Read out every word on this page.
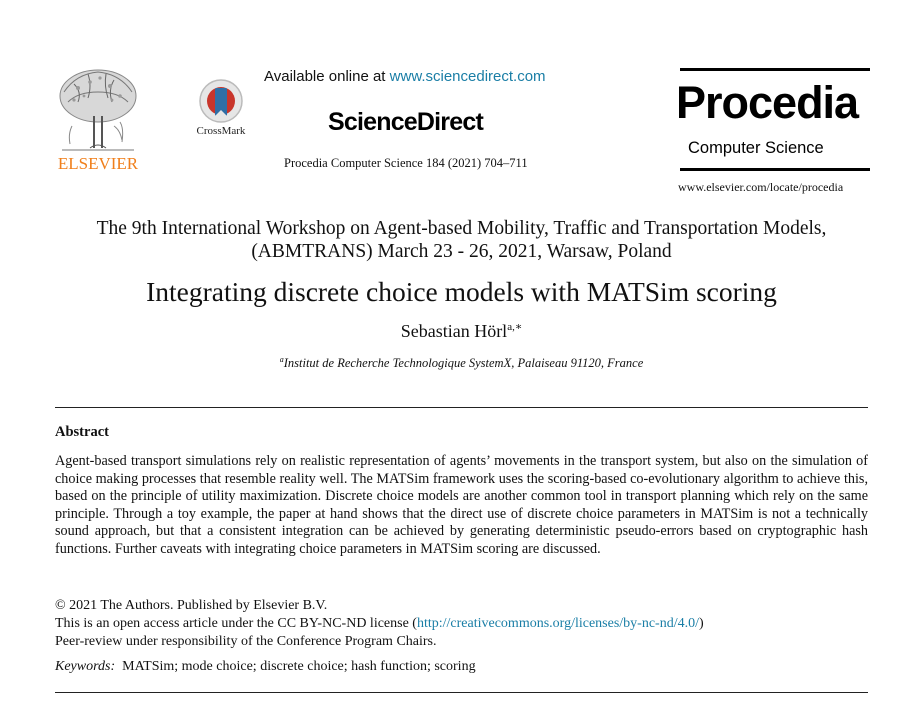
ELSEVIER
CrossMark
Available online at www.sciencedirect.com
ScienceDirect
Procedia Computer Science 184 (2021) 704–711
Procedia
Computer Science
www.elsevier.com/locate/procedia
The 9th International Workshop on Agent-based Mobility, Traffic and Transportation Models,
(ABMTRANS) March 23 - 26, 2021, Warsaw, Poland
Integrating discrete choice models with MATSim scoring
Sebastian Hörl$^{a,∗}$
$^a$Institut de Recherche Technologique SystemX, Palaiseau 91120, France
Abstract
Agent-based transport simulations rely on realistic representation of agents’ movements in the transport system, but also on the simulation of choice making processes that resemble reality well. The MATSim framework uses the scoring-based co-evolutionary algorithm to achieve this, based on the principle of utility maximization. Discrete choice models are another common tool in transport planning which rely on the same principle. Through a toy example, the paper at hand shows that the direct use of discrete choice parameters in MATSim is not a technically sound approach, but that a consistent integration can be achieved by generating deterministic pseudo-errors based on cryptographic hash functions. Further caveats with integrating choice parameters in MATSim scoring are discussed.
© 2021 The Authors. Published by Elsevier B.V.
This is an open access article under the CC BY-NC-ND license (http://creativecommons.org/licenses/by-nc-nd/4.0/)
Peer-review under responsibility of the Conference Program Chairs.
Keywords: MATSim; mode choice; discrete choice; hash function; scoring
